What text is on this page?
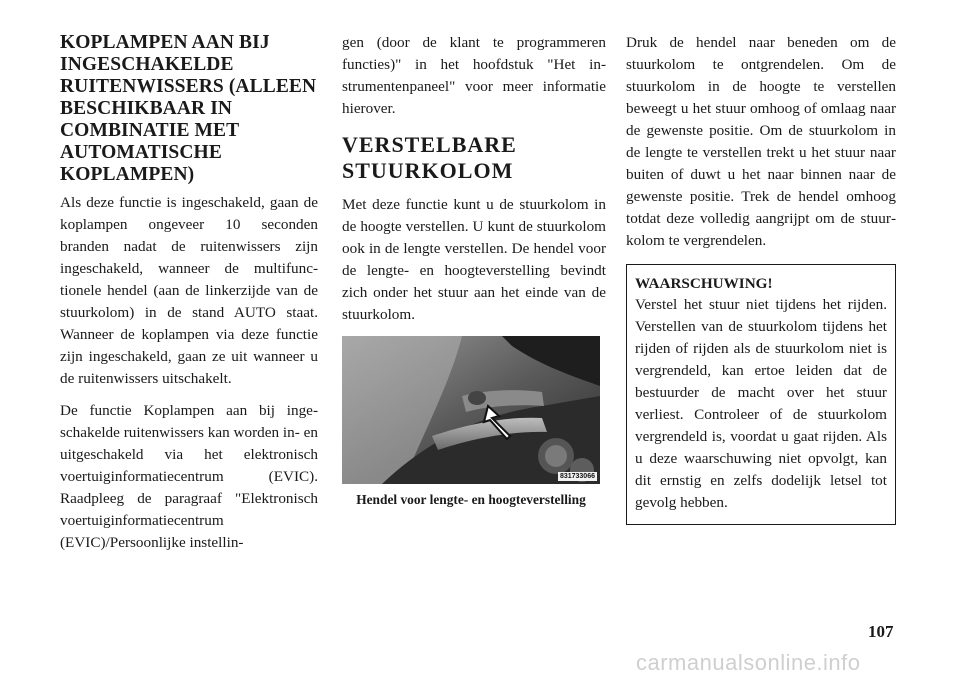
KOPLAMPEN AAN BIJ INGESCHAKELDE RUITENWISSERS (ALLEEN BESCHIKBAAR IN COMBINATIE MET AUTOMATISCHE KOPLAMPEN)

Als deze functie is ingeschakeld, gaan de koplampen ongeveer 10 seconden branden nadat de ruitenwissers zijn ingeschakeld, wanneer de multifunctionele hendel (aan de linkerzijde van de stuurkolom) in de stand AUTO staat. Wanneer de koplampen via deze functie zijn ingeschakeld, gaan ze uit wanneer u de ruitenwissers uitschakelt.

De functie Koplampen aan bij ingeschakelde ruitenwissers kan worden in- en uitgeschakeld via het elektronisch voertuiginformatiecentrum (EVIC). Raadpleeg de paragraaf "Elektronisch voertuiginformatiecentrum (EVIC)/Persoonlijke instellin-

gen (door de klant te programmeren functies)" in het hoofdstuk "Het instrumentenpaneel" voor meer informatie hierover.

VERSTELBARE STUURKOLOM

Met deze functie kunt u de stuurkolom in de hoogte verstellen. U kunt de stuurkolom ook in de lengte verstellen. De hendel voor de lengte- en hoogteverstelling bevindt zich onder het stuur aan het einde van de stuurkolom.

831733066
Hendel voor lengte- en hoogteverstelling

Druk de hendel naar beneden om de stuurkolom te ontgrendelen. Om de stuurkolom in de hoogte te verstellen beweegt u het stuur omhoog of omlaag naar de gewenste positie. Om de stuurkolom in de lengte te verstellen trekt u het stuur naar buiten of duwt u het naar binnen naar de gewenste positie. Trek de hendel omhoog totdat deze volledig aangrijpt om de stuurkolom te vergrendelen.

WAARSCHUWING!

Verstel het stuur niet tijdens het rijden. Verstellen van de stuurkolom tijdens het rijden of rijden als de stuurkolom niet is vergrendeld, kan ertoe leiden dat de bestuurder de macht over het stuur verliest. Controleer of de stuurkolom vergrendeld is, voordat u gaat rijden. Als u deze waarschuwing niet opvolgt, kan dit ernstig en zelfs dodelijk letsel tot gevolg hebben.

107
carmanualsonline.info
